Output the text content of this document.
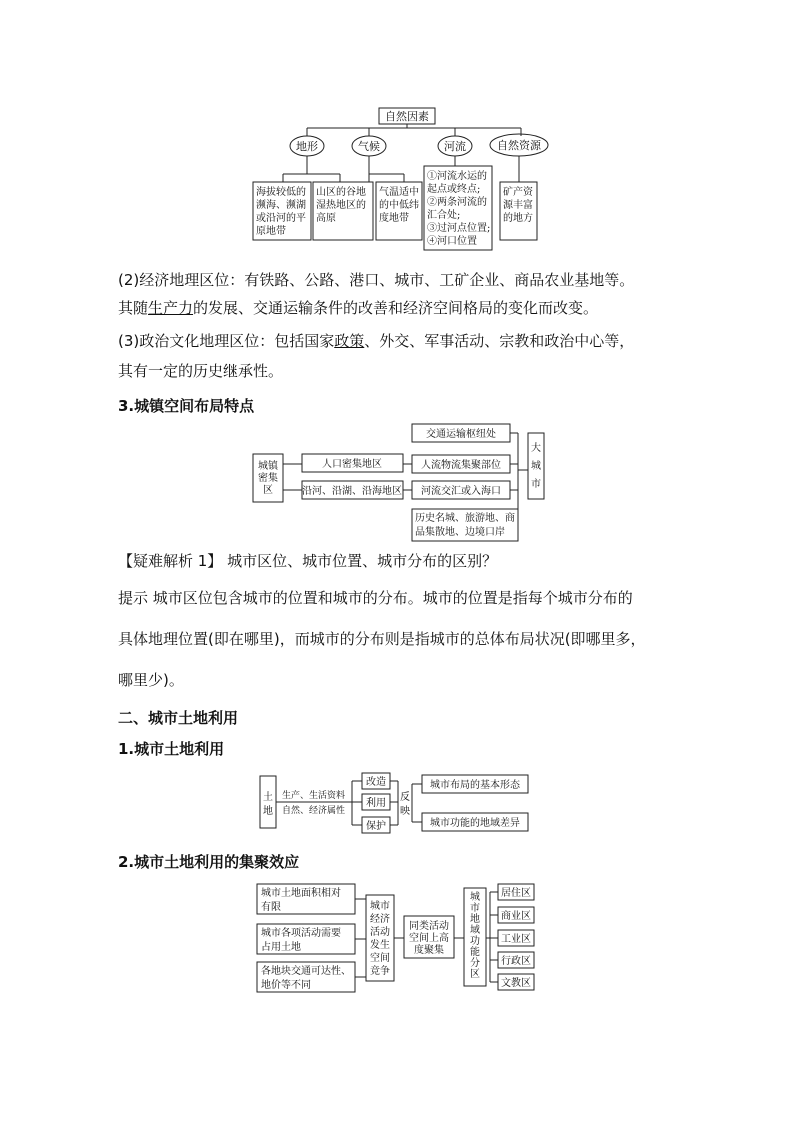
自然因素
地形	气候	河流	自然资源
海拔较低的
濒海、濒湖
或沿河的平
原地带
山区的谷地
湿热地区的
高原
气温适中
的中低纬
度地带
①河流水运的
起点或终点;
②两条河流的
汇合处;
③过河点位置;
④河口位置
矿产资
源丰富
的地方
(2)经济地理区位：有铁路、公路、港口、城市、工矿企业、商品农业基地等。
其随生产力的发展、交通运输条件的改善和经济空间格局的变化而改变。
(3)政治文化地理区位：包括国家政策、外交、军事活动、宗教和政治中心等，
其有一定的历史继承性。
3.城镇空间布局特点
城镇
密集
区
人口密集地区
沿河、沿湖、沿海地区
交通运输枢纽处
人流物流集聚部位
河流交汇或入海口
历史名城、旅游地、商
品集散地、边境口岸
大
城
市
【疑难解析 1】 城市区位、城市位置、城市分布的区别？
提示 城市区位包含城市的位置和城市的分布。城市的位置是指每个城市分布的
具体地理位置(即在哪里)，而城市的分布则是指城市的总体布局状况(即哪里多，
哪里少)。
二、城市土地利用
1.城市土地利用
土
地
生产、生活资料
自然、经济属性
改造
利用
保护
反
映
城市布局的基本形态
城市功能的地域差异
2.城市土地利用的集聚效应
城市土地面积相对
有限
城市各项活动需要
占用土地
各地块交通可达性、
地价等不同
城市
经济
活动
发生
空间
竞争
同类活动
空间上高
度聚集
城
市
地
域
功
能
分
区
居住区
商业区
工业区
行政区
文教区
